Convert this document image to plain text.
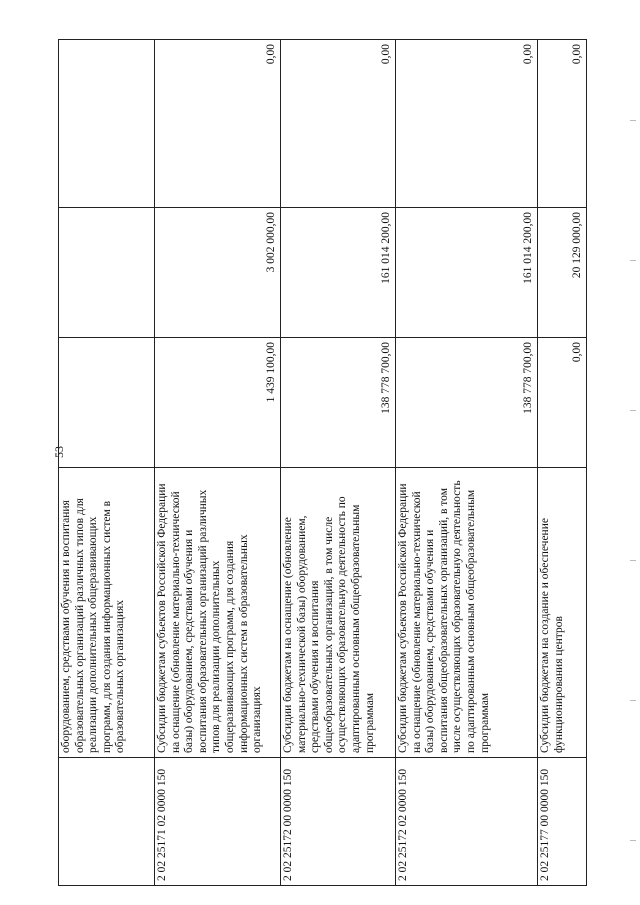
53
	оборудованием, средствами обучения и воспитания образовательных организаций различных типов для реализации дополнительных общеразвивающих программ, для создания информационных систем в образовательных организациях			
2 02 25171 02 0000 150	Субсидии бюджетам субъектов Российской Федерации на оснащение (обновление материально-технической базы) оборудованием, средствами обучения и воспитания образовательных организаций различных типов для реализации дополнительных общеразвивающих программ, для создания информационных систем в образовательных организациях	1 439 100,00	3 002 000,00	0,00
2 02 25172 00 0000 150	Субсидии бюджетам на оснащение (обновление материально-технической базы) оборудованием, средствами обучения и воспитания общеобразовательных организаций, в том числе осуществляющих образовательную деятельность по адаптированным основным общеобразовательным программам	138 778 700,00	161 014 200,00	0,00
2 02 25172 02 0000 150	Субсидии бюджетам субъектов Российской Федерации на оснащение (обновление материально-технической базы) оборудованием, средствами обучения и воспитания общеобразовательных организаций, в том числе осуществляющих образовательную деятельность по адаптированным основным общеобразовательным программам	138 778 700,00	161 014 200,00	0,00
2 02 25177 00 0000 150	Субсидии бюджетам на создание и обеспечение функционирования центров	0,00	20 129 000,00	0,00
